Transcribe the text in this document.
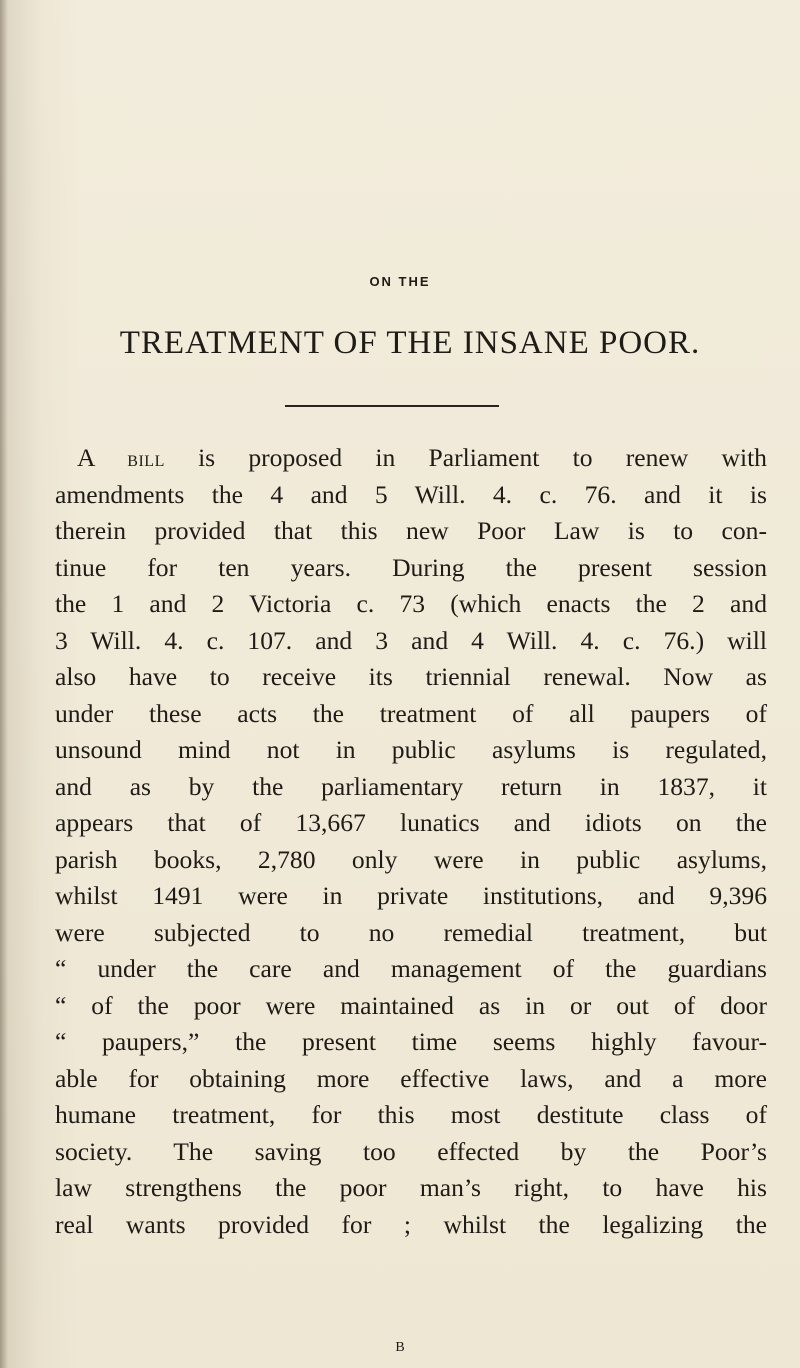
ON THE
TREATMENT OF THE INSANE POOR.
A bill is proposed in Parliament to renew with
amendments the 4 and 5 Will. 4. c. 76. and it is
therein provided that this new Poor Law is to con-
tinue for ten years. During the present session
the 1 and 2 Victoria c. 73 (which enacts the 2 and
3 Will. 4. c. 107. and 3 and 4 Will. 4. c. 76.) will
also have to receive its triennial renewal. Now as
under these acts the treatment of all paupers of
unsound mind not in public asylums is regulated,
and as by the parliamentary return in 1837, it
appears that of 13,667 lunatics and idiots on the
parish books, 2,780 only were in public asylums,
whilst 1491 were in private institutions, and 9,396
were subjected to no remedial treatment, but
“ under the care and management of the guardians
“ of the poor were maintained as in or out of door
“ paupers,” the present time seems highly favour-
able for obtaining more effective laws, and a more
humane treatment, for this most destitute class of
society. The saving too effected by the Poor’s
law strengthens the poor man’s right, to have his
real wants provided for ; whilst the legalizing the
B
